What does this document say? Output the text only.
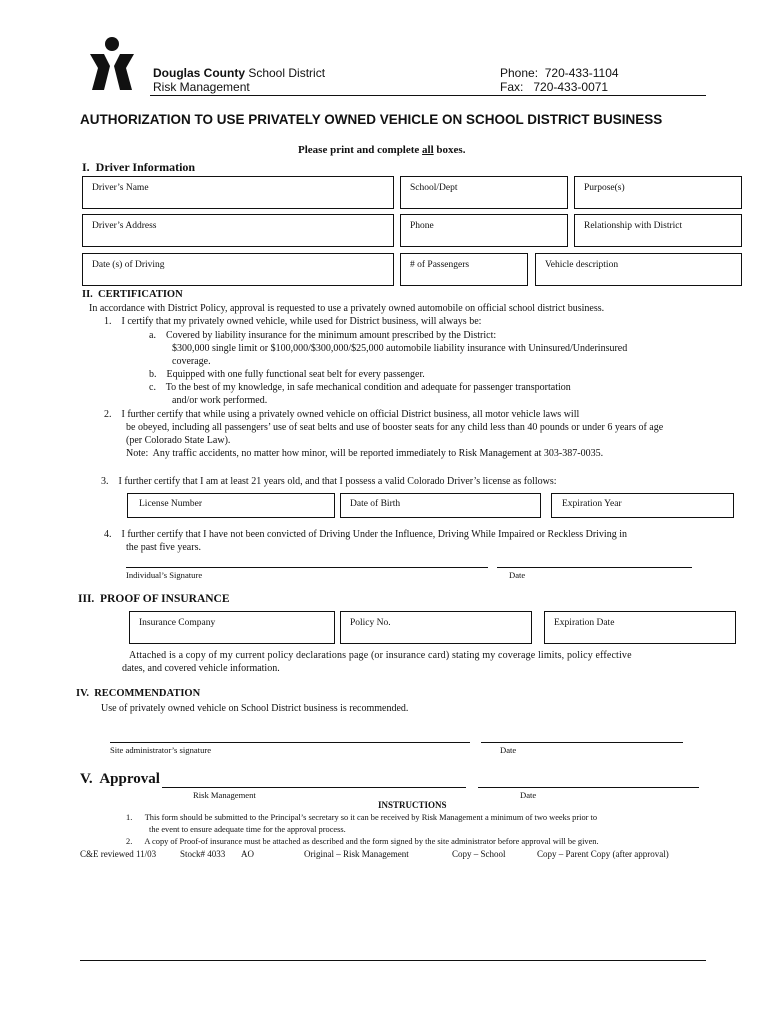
Douglas County School District
Risk Management
Phone: 720-433-1104
Fax: 720-433-0071
AUTHORIZATION TO USE PRIVATELY OWNED VEHICLE ON SCHOOL DISTRICT BUSINESS
Please print and complete all boxes.
I.  Driver Information
Driver’s Name	School/Dept	Purpose(s)
Driver’s Address	Phone	Relationship with District
Date (s) of Driving	# of Passengers	Vehicle description
II.  CERTIFICATION
In accordance with District Policy, approval is requested to use a privately owned automobile on official school district business.
1.    I certify that my privately owned vehicle, while used for District business, will always be:
a.    Covered by liability insurance for the minimum amount prescribed by the District:
$300,000 single limit or $100,000/$300,000/$25,000 automobile liability insurance with Uninsured/Underinsured
coverage.
b.    Equipped with one fully functional seat belt for every passenger.
c.    To the best of my knowledge, in safe mechanical condition and adequate for passenger transportation
and/or work performed.
2.    I further certify that while using a privately owned vehicle on official District business, all motor vehicle laws will
be obeyed, including all passengers’ use of seat belts and use of booster seats for any child less than 40 pounds or under 6 years of age
(per Colorado State Law).
Note:  Any traffic accidents, no matter how minor, will be reported immediately to Risk Management at 303-387-0035.
3.    I further certify that I am at least 21 years old, and that I possess a valid Colorado Driver’s license as follows:
License Number	Date of Birth	Expiration Year
4.    I further certify that I have not been convicted of Driving Under the Influence, Driving While Impaired or Reckless Driving in
the past five years.
Individual’s Signature	Date
III.  PROOF OF INSURANCE
Insurance Company	Policy No.	Expiration Date
Attached is a copy of my current policy declarations page (or insurance card) stating my coverage limits, policy effective
dates, and covered vehicle information.
IV.  RECOMMENDATION
Use of privately owned vehicle on School District business is recommended.
Site administrator’s signature	Date
V.  Approval
Risk Management	Date
INSTRUCTIONS
1.      This form should be submitted to the Principal’s secretary so it can be received by Risk Management a minimum of two weeks prior to
the event to ensure adequate time for the approval process.
2.      A copy of Proof-of insurance must be attached as described and the form signed by the site administrator before approval will be given.
C&E reviewed 11/03	Stock# 4033 AO	Original – Risk Management	Copy – School	Copy – Parent Copy (after approval)
